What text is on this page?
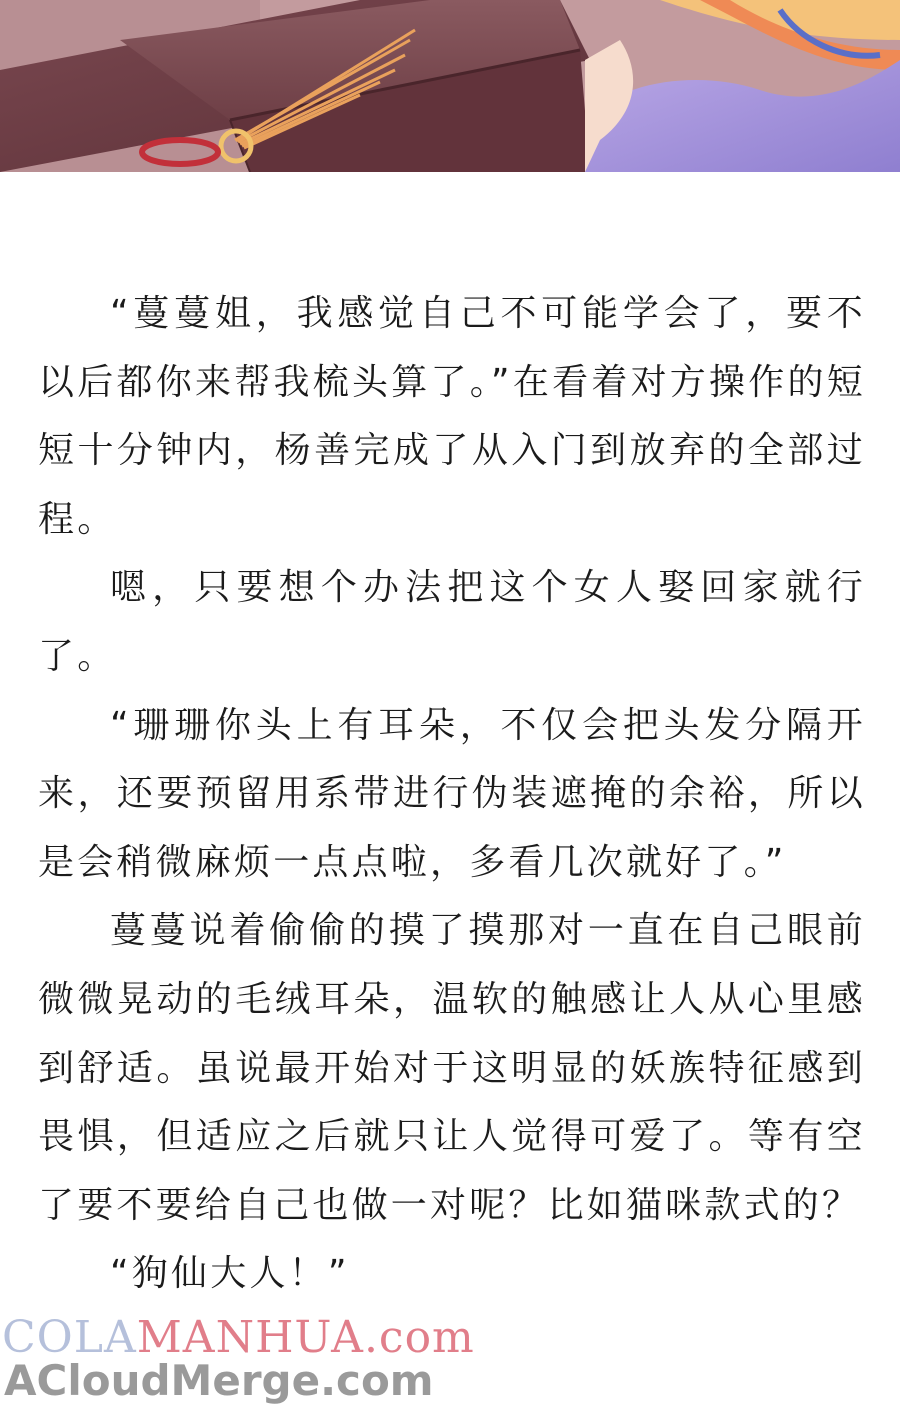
“蔓蔓姐，我感觉自己不可能学会了，要不以后都你来帮我梳头算了。”在看着对方操作的短短十分钟内，杨善完成了从入门到放弃的全部过程。

嗯，只要想个办法把这个女人娶回家就行了。

“珊珊你头上有耳朵，不仅会把头发分隔开来，还要预留用系带进行伪装遮掩的余裕，所以是会稍微麻烦一点点啦，多看几次就好了。”

蔓蔓说着偷偷的摸了摸那对一直在自己眼前微微晃动的毛绒耳朵，温软的触感让人从心里感到舒适。虽说最开始对于这明显的妖族特征感到畏惧，但适应之后就只让人觉得可爱了。等有空了要不要给自己也做一对呢？比如猫咪款式的？

“狗仙大人！”

COLAMANHUA.com
ACloudMerge.com
